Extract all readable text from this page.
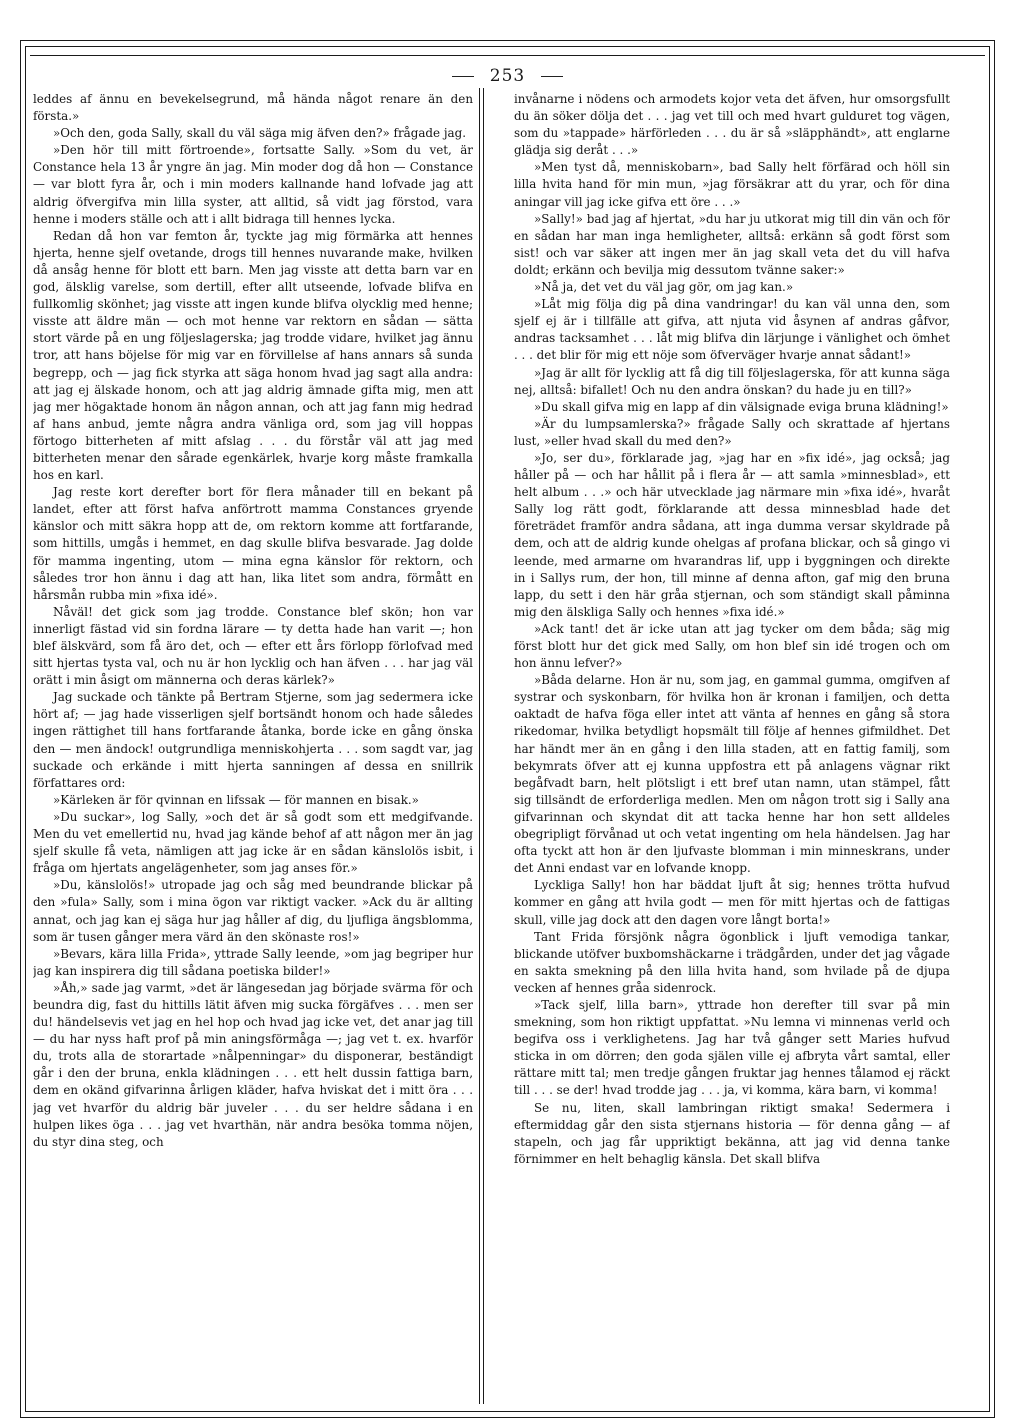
253

leddes af ännu en bevekelsegrund, må hända något renare än den första.»

»Och den, goda Sally, skall du väl säga mig äfven den?» frågade jag.

»Den hör till mitt förtroende», fortsatte Sally. »Som du vet, är Constance hela 13 år yngre än jag. Min moder dog då hon — Constance — var blott fyra år, och i min moders kallnande hand lofvade jag att aldrig öfvergifva min lilla syster, att alltid, så vidt jag förstod, vara henne i moders ställe och att i allt bidraga till hennes lycka.

Redan då hon var femton år, tyckte jag mig förmärka att hennes hjerta, henne sjelf ovetande, drogs till hennes nuvarande make, hvilken då ansåg henne för blott ett barn. Men jag visste att detta barn var en god, älsklig varelse, som dertill, efter allt utseende, lofvade blifva en fullkomlig skönhet; jag visste att ingen kunde blifva olycklig med henne; visste att äldre män — och mot henne var rektorn en sådan — sätta stort värde på en ung följeslagerska; jag trodde vidare, hvilket jag ännu tror, att hans böjelse för mig var en förvillelse af hans annars så sunda begrepp, och — jag fick styrka att säga honom hvad jag sagt alla andra: att jag ej älskade honom, och att jag aldrig ämnade gifta mig, men att jag mer högaktade honom än någon annan, och att jag fann mig hedrad af hans anbud, jemte några andra vänliga ord, som jag vill hoppas förtogo bitterheten af mitt afslag . . . du förstår väl att jag med bitterheten menar den sårade egenkärlek, hvarje korg måste framkalla hos en karl.

Jag reste kort derefter bort för flera månader till en bekant på landet, efter att först hafva anförtrott mamma Constances gryende känslor och mitt säkra hopp att de, om rektorn komme att fortfarande, som hittills, umgås i hemmet, en dag skulle blifva besvarade. Jag dolde för mamma ingenting, utom — mina egna känslor för rektorn, och således tror hon ännu i dag att han, lika litet som andra, förmått en hårsmån rubba min »fixa idé».

Nåväl! det gick som jag trodde. Constance blef skön; hon var innerligt fästad vid sin fordna lärare — ty detta hade han varit —; hon blef älskvärd, som få äro det, och — efter ett års förlopp förlofvad med sitt hjertas tysta val, och nu är hon lycklig och han äfven . . . har jag väl orätt i min åsigt om männerna och deras kärlek?»

Jag suckade och tänkte på Bertram Stjerne, som jag sedermera icke hört af; — jag hade visserligen sjelf bortsändt honom och hade således ingen rättighet till hans fortfarande åtanka, borde icke en gång önska den — men ändock! outgrundliga menniskohjerta . . . som sagdt var, jag suckade och erkände i mitt hjerta sanningen af dessa en snillrik författares ord:

»Kärleken är för qvinnan en lifssak — för mannen en bisak.»

»Du suckar», log Sally, »och det är så godt som ett medgifvande. Men du vet emellertid nu, hvad jag kände behof af att någon mer än jag sjelf skulle få veta, nämligen att jag icke är en sådan känslolös isbit, i fråga om hjertats angelägenheter, som jag anses för.»

»Du, känslolös!» utropade jag och såg med beundrande blickar på den »fula» Sally, som i mina ögon var riktigt vacker. »Ack du är allting annat, och jag kan ej säga hur jag håller af dig, du ljufliga ängsblomma, som är tusen gånger mera värd än den skönaste ros!»

»Bevars, kära lilla Frida», yttrade Sally leende, »om jag begriper hur jag kan inspirera dig till sådana poetiska bilder!»

»Åh,» sade jag varmt, »det är längesedan jag började svärma för och beundra dig, fast du hittills lätit äfven mig sucka förgäfves . . . men ser du! händelsevis vet jag en hel hop och hvad jag icke vet, det anar jag till — du har nyss haft prof på min aningsförmåga —; jag vet t. ex. hvarför du, trots alla de storartade »nålpenningar» du disponerar, beständigt går i den der bruna, enkla klädningen . . . ett helt dussin fattiga barn, dem en okänd gifvarinna årligen kläder, hafva hviskat det i mitt öra . . . jag vet hvarför du aldrig bär juveler . . . du ser heldre sådana i en hulpen likes öga . . . jag vet hvarthän, när andra besöka tomma nöjen, du styr dina steg, och

invånarne i nödens och armodets kojor veta det äfven, hur omsorgsfullt du än söker dölja det . . . jag vet till och med hvart gulduret tog vägen, som du »tappade» härförleden . . . du är så »släpphändt», att englarne glädja sig deråt . . .»

»Men tyst då, menniskobarn», bad Sally helt förfärad och höll sin lilla hvita hand för min mun, »jag försäkrar att du yrar, och för dina aningar vill jag icke gifva ett öre . . .»

»Sally!» bad jag af hjertat, »du har ju utkorat mig till din vän och för en sådan har man inga hemligheter, alltså: erkänn så godt först som sist! och var säker att ingen mer än jag skall veta det du vill hafva doldt; erkänn och bevilja mig dessutom tvänne saker:»

»Nå ja, det vet du väl jag gör, om jag kan.»

»Låt mig följa dig på dina vandringar! du kan väl unna den, som sjelf ej är i tillfälle att gifva, att njuta vid åsynen af andras gåfvor, andras tacksamhet . . . låt mig blifva din lärjunge i vänlighet och ömhet . . . det blir för mig ett nöje som öfverväger hvarje annat sådant!»

»Jag är allt för lycklig att få dig till följeslagerska, för att kunna säga nej, alltså: bifallet! Och nu den andra önskan? du hade ju en till?»

»Du skall gifva mig en lapp af din välsignade eviga bruna klädning!»

»Är du lumpsamlerska?» frågade Sally och skrattade af hjertans lust, »eller hvad skall du med den?»

»Jo, ser du», förklarade jag, »jag har en »fix idé», jag också; jag håller på — och har hållit på i flera år — att samla »minnesblad», ett helt album . . .» och här utvecklade jag närmare min »fixa idé», hvaråt Sally log rätt godt, förklarande att dessa minnesblad hade det företrädet framför andra sådana, att inga dumma versar skyldrade på dem, och att de aldrig kunde ohelgas af profana blickar, och så gingo vi leende, med armarne om hvarandras lif, upp i byggningen och direkte in i Sallys rum, der hon, till minne af denna afton, gaf mig den bruna lapp, du sett i den här gråa stjernan, och som ständigt skall påminna mig den älskliga Sally och hennes »fixa idé.»

»Ack tant! det är icke utan att jag tycker om dem båda; säg mig först blott hur det gick med Sally, om hon blef sin idé trogen och om hon ännu lefver?»

»Båda delarne. Hon är nu, som jag, en gammal gumma, omgifven af systrar och syskonbarn, för hvilka hon är kronan i familjen, och detta oaktadt de hafva föga eller intet att vänta af hennes en gång så stora rikedomar, hvilka betydligt hopsmält till följe af hennes gifmildhet. Det har händt mer än en gång i den lilla staden, att en fattig familj, som bekymrats öfver att ej kunna uppfostra ett på anlagens vägnar rikt begåfvadt barn, helt plötsligt i ett bref utan namn, utan stämpel, fått sig tillsändt de erforderliga medlen. Men om någon trott sig i Sally ana gifvarinnan och skyndat dit att tacka henne har hon sett alldeles obegripligt förvånad ut och vetat ingenting om hela händelsen. Jag har ofta tyckt att hon är den ljufvaste blomman i min minneskrans, under det Anni endast var en lofvande knopp.

Lyckliga Sally! hon har bäddat ljuft åt sig; hennes trötta hufvud kommer en gång att hvila godt — men för mitt hjertas och de fattigas skull, ville jag dock att den dagen vore långt borta!»

Tant Frida försjönk några ögonblick i ljuft vemodiga tankar, blickande utöfver buxbomshäckarne i trädgården, under det jag vågade en sakta smekning på den lilla hvita hand, som hvilade på de djupa vecken af hennes gråa sidenrock.

»Tack sjelf, lilla barn», yttrade hon derefter till svar på min smekning, som hon riktigt uppfattat. »Nu lemna vi minnenas verld och begifva oss i verklighetens. Jag har två gånger sett Maries hufvud sticka in om dörren; den goda själen ville ej afbryta vårt samtal, eller rättare mitt tal; men tredje gången fruktar jag hennes tålamod ej räckt till . . . se der! hvad trodde jag . . . ja, vi komma, kära barn, vi komma!

Se nu, liten, skall lambringan riktigt smaka! Sedermera i eftermiddag går den sista stjernans historia — för denna gång — af stapeln, och jag får uppriktigt bekänna, att jag vid denna tanke förnimmer en helt behaglig känsla. Det skall blifva
